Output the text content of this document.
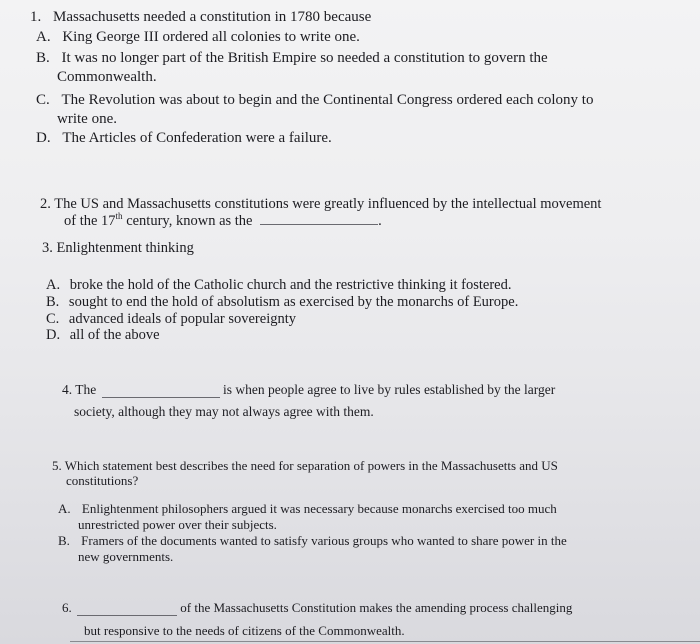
1. Massachusetts needed a constitution in 1780 because
A. King George III ordered all colonies to write one.
B. It was no longer part of the British Empire so needed a constitution to govern the
Commonwealth.
C. The Revolution was about to begin and the Continental Congress ordered each colony to
write one.
D. The Articles of Confederation were a failure.
2. The US and Massachusetts constitutions were greatly influenced by the intellectual movement
of the 17th century, known as the	.
3. Enlightenment thinking
A. broke the hold of the Catholic church and the restrictive thinking it fostered.
B. sought to end the hold of absolutism as exercised by the monarchs of Europe.
C. advanced ideals of popular sovereignty
D. all of the above
4. The	is when people agree to live by rules established by the larger
society, although they may not always agree with them.
5. Which statement best describes the need for separation of powers in the Massachusetts and US
constitutions?
A. Enlightenment philosophers argued it was necessary because monarchs exercised too much
unrestricted power over their subjects.
B. Framers of the documents wanted to satisfy various groups who wanted to share power in the
new governments.
6.	of the Massachusetts Constitution makes the amending process challenging
but responsive to the needs of citizens of the Commonwealth.
